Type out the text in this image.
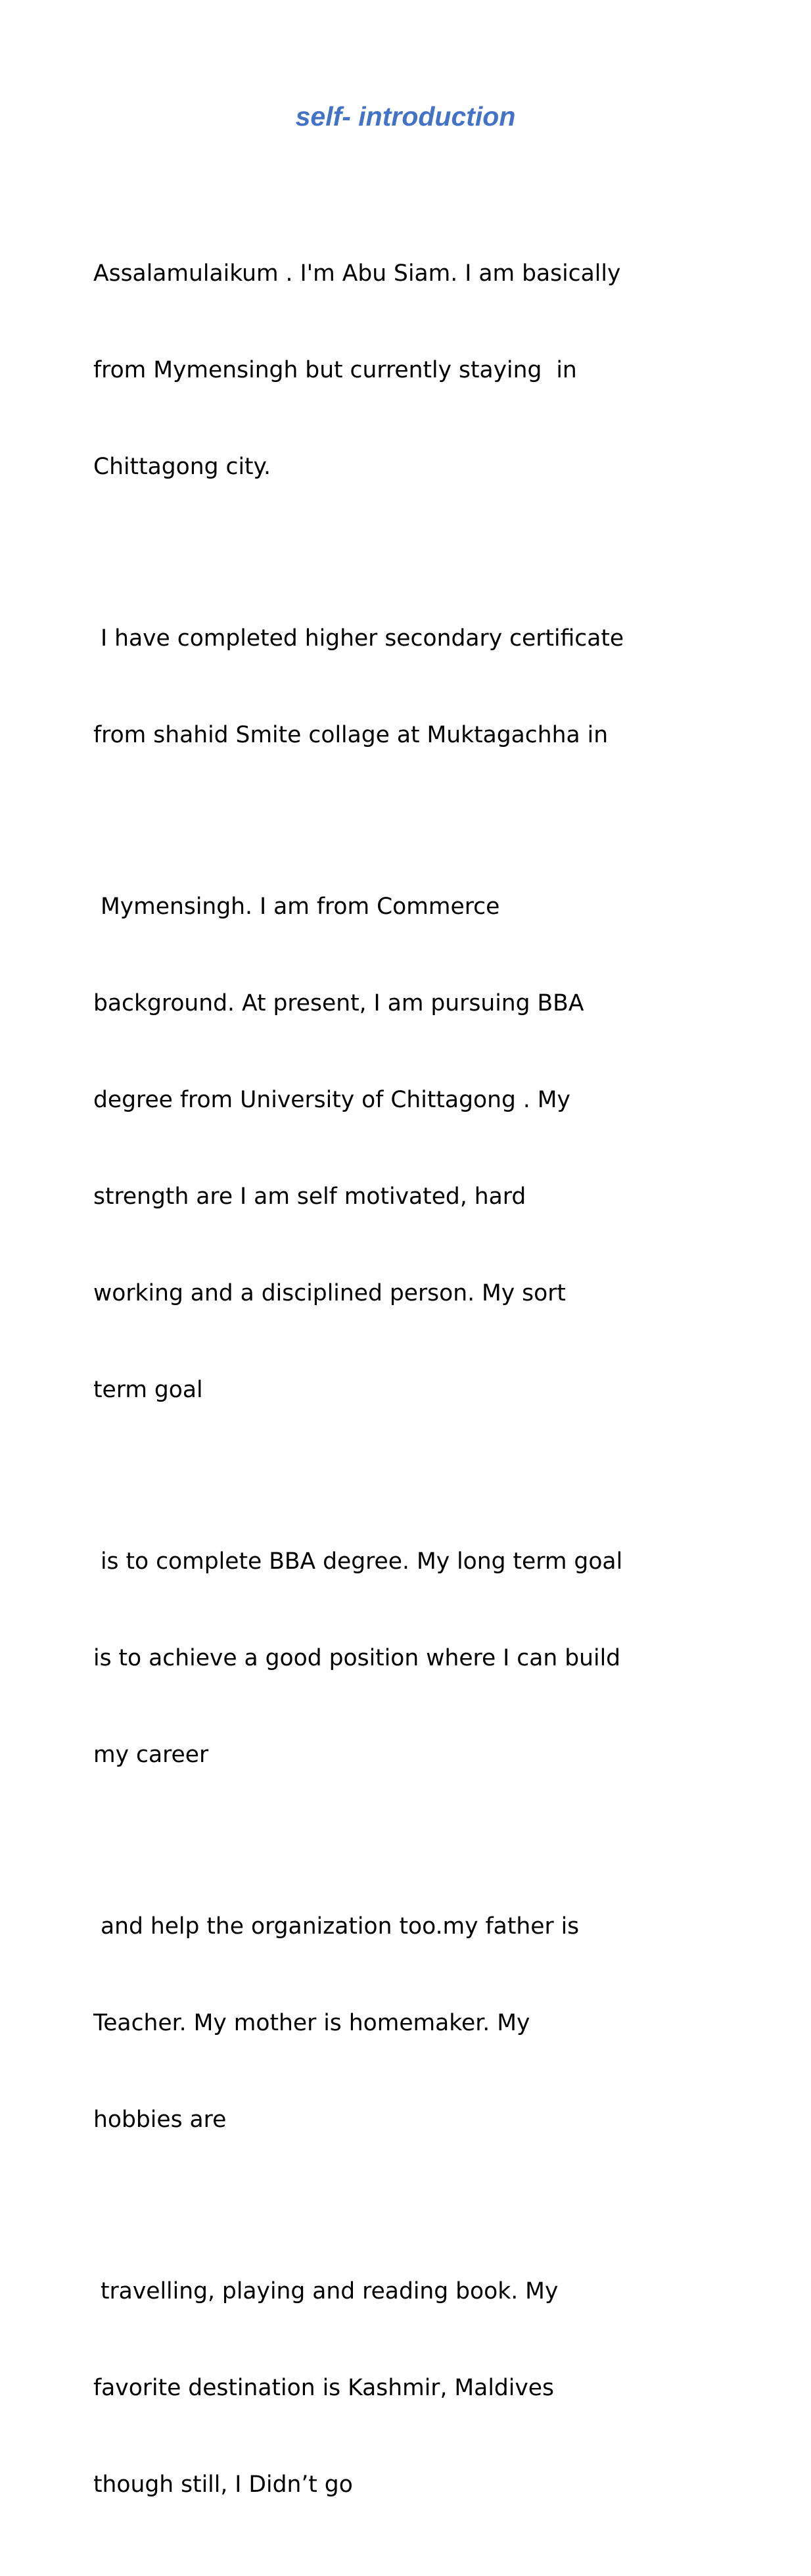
self- introduction

Assalamulaikum . I'm Abu Siam. I am basically

from Mymensingh but currently staying  in

Chittagong city.

I have completed higher secondary certificate

from shahid Smite collage at Muktagachha in

Mymensingh. I am from Commerce

background. At present, I am pursuing BBA

degree from University of Chittagong . My

strength are I am self motivated, hard

working and a disciplined person. My sort

term goal

is to complete BBA degree. My long term goal

is to achieve a good position where I can build

my career

and help the organization too.my father is

Teacher. My mother is homemaker. My

hobbies are

travelling, playing and reading book. My

favorite destination is Kashmir, Maldives

though still, I Didn’t go
